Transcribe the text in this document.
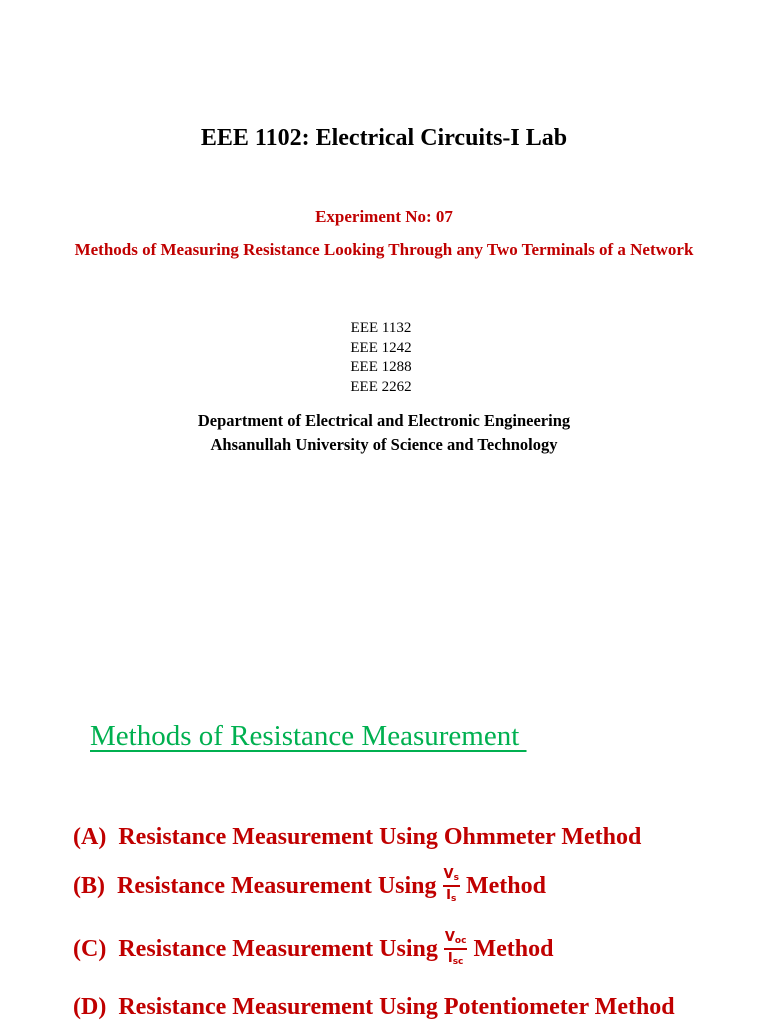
EEE 1102: Electrical Circuits-I Lab
Experiment No: 07
Methods of Measuring Resistance Looking Through any Two Terminals of a Network
EEE 1132
EEE 1242
EEE 1288
EEE 2262
Department of Electrical and Electronic Engineering
Ahsanullah University of Science and Technology
Methods of Resistance Measurement
(A) Resistance Measurement Using Ohmmeter Method
(B) Resistance Measurement Using $\frac{V_s}{I_s}$ Method
(C) Resistance Measurement Using $\frac{V_{oc}}{I_{sc}}$ Method
(D) Resistance Measurement Using Potentiometer Method
